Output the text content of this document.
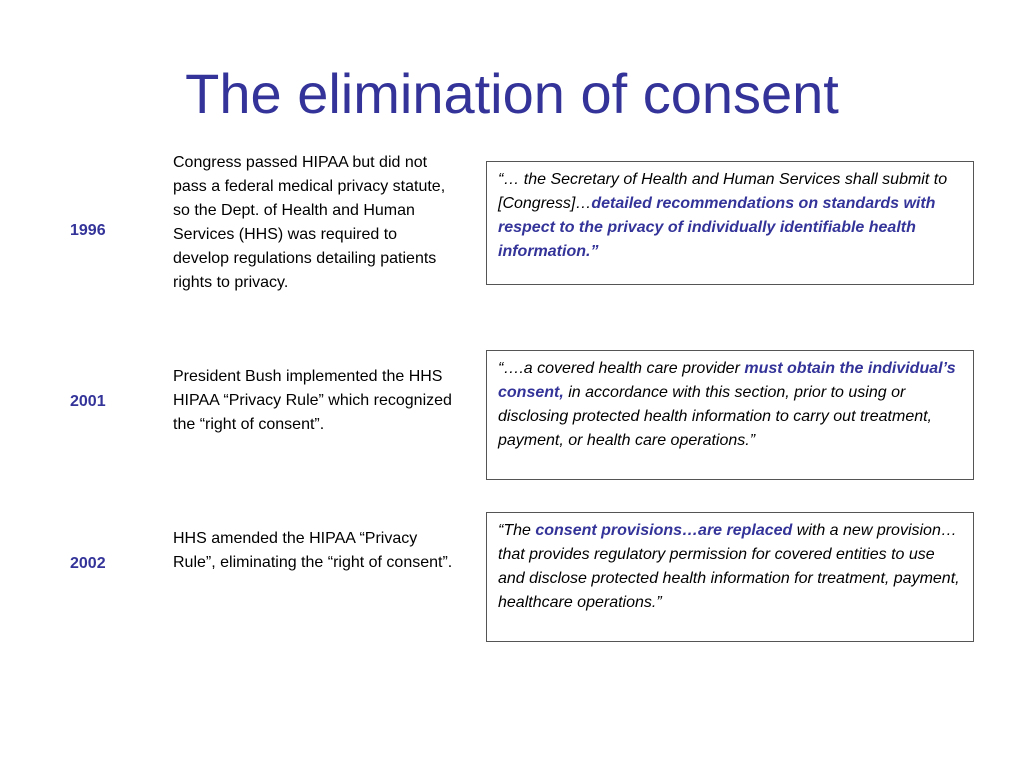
The elimination of consent
1996
Congress passed HIPAA but did not pass a federal medical privacy statute, so the Dept. of Health and Human Services (HHS) was required to develop regulations detailing patients rights to privacy.
“… the Secretary of Health and Human Services shall submit to [Congress]…detailed recommendations on standards with respect to the privacy of individually identifiable health information.”
2001
President Bush implemented the HHS HIPAA “Privacy Rule” which recognized the “right of consent”.
“….a covered health care provider must obtain the individual’s consent, in accordance with this section, prior to using or disclosing protected health information to carry out treatment, payment, or health care operations.”
2002
HHS amended the HIPAA “Privacy Rule”, eliminating the “right of consent”.
“The consent provisions…are replaced with a new provision…that provides regulatory permission for covered entities to use and disclose protected health information for treatment, payment, healthcare operations.”
